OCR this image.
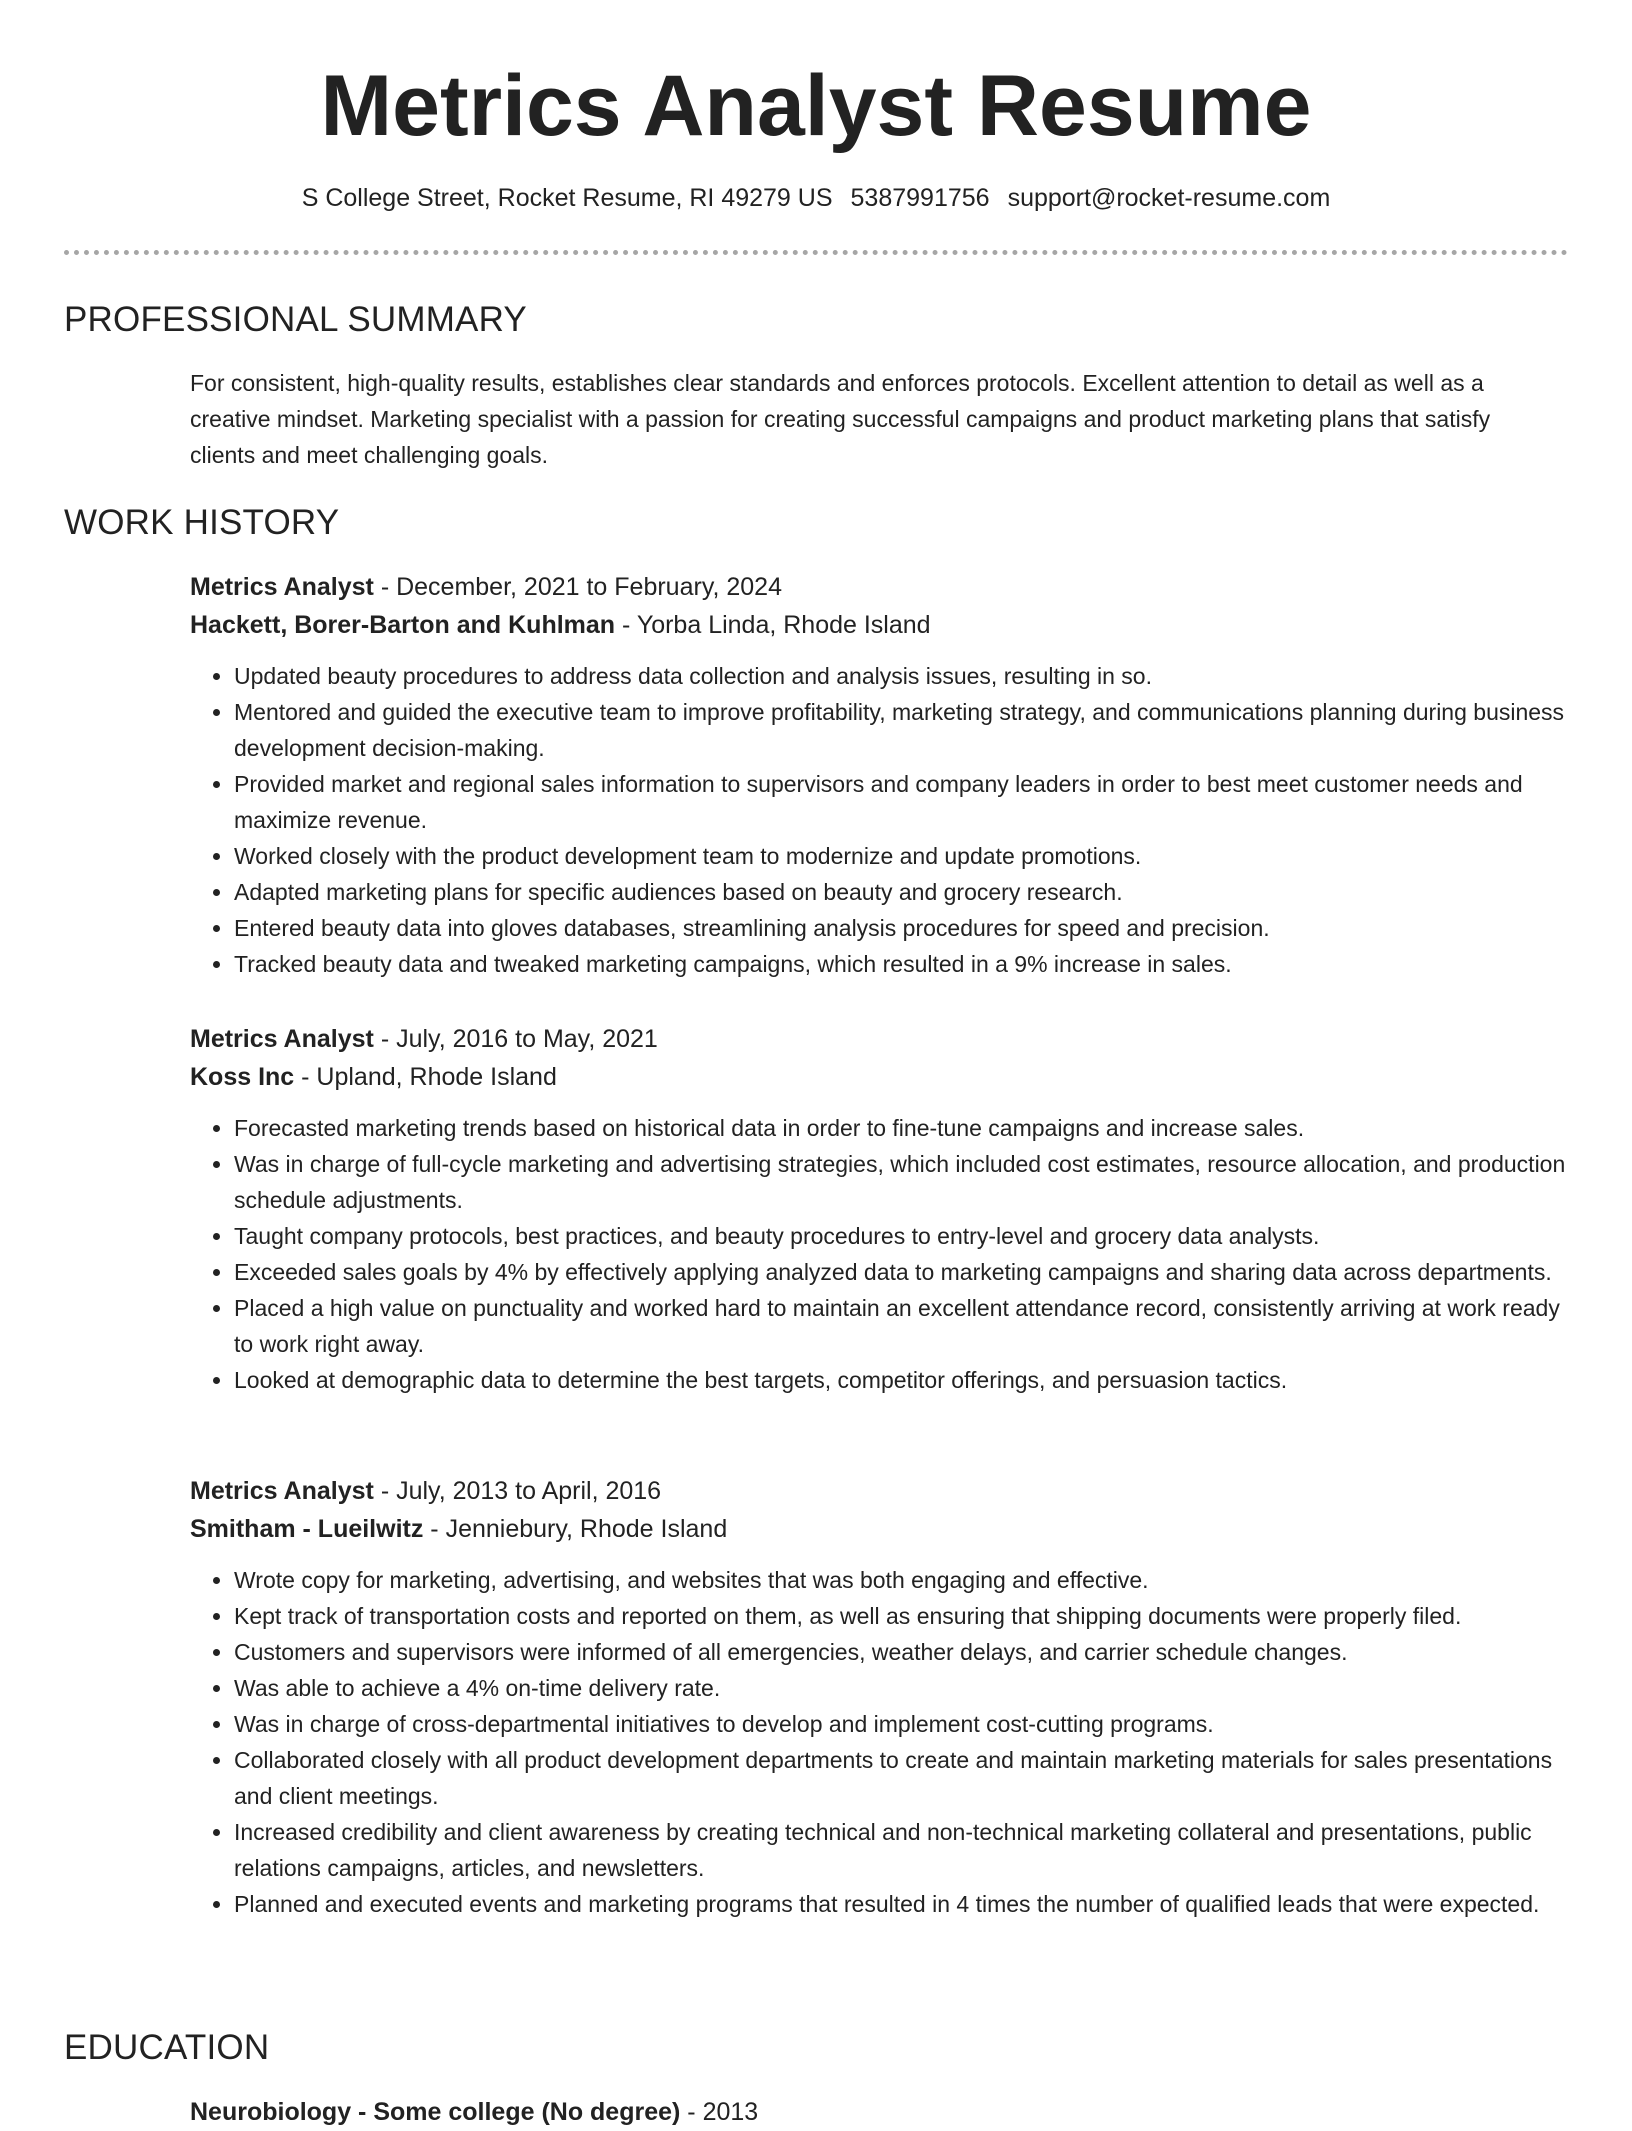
Metrics Analyst Resume
S College Street, Rocket Resume, RI 49279 US 5387991756 support@rocket-resume.com
PROFESSIONAL SUMMARY

For consistent, high-quality results, establishes clear standards and enforces protocols. Excellent attention to detail as well as a creative mindset. Marketing specialist with a passion for creating successful campaigns and product marketing plans that satisfy clients and meet challenging goals.

WORK HISTORY
Metrics Analyst - December, 2021 to February, 2024
Hackett, Borer-Barton and Kuhlman - Yorba Linda, Rhode Island
• Updated beauty procedures to address data collection and analysis issues, resulting in so.
• Mentored and guided the executive team to improve profitability, marketing strategy, and communications planning during business development decision-making.
• Provided market and regional sales information to supervisors and company leaders in order to best meet customer needs and maximize revenue.
• Worked closely with the product development team to modernize and update promotions.
• Adapted marketing plans for specific audiences based on beauty and grocery research.
• Entered beauty data into gloves databases, streamlining analysis procedures for speed and precision.
• Tracked beauty data and tweaked marketing campaigns, which resulted in a 9% increase in sales.
Metrics Analyst - July, 2016 to May, 2021
Koss Inc - Upland, Rhode Island
• Forecasted marketing trends based on historical data in order to fine-tune campaigns and increase sales.
• Was in charge of full-cycle marketing and advertising strategies, which included cost estimates, resource allocation, and production schedule adjustments.
• Taught company protocols, best practices, and beauty procedures to entry-level and grocery data analysts.
• Exceeded sales goals by 4% by effectively applying analyzed data to marketing campaigns and sharing data across departments.
• Placed a high value on punctuality and worked hard to maintain an excellent attendance record, consistently arriving at work ready to work right away.
• Looked at demographic data to determine the best targets, competitor offerings, and persuasion tactics.
Metrics Analyst - July, 2013 to April, 2016
Smitham - Lueilwitz - Jenniebury, Rhode Island
• Wrote copy for marketing, advertising, and websites that was both engaging and effective.
• Kept track of transportation costs and reported on them, as well as ensuring that shipping documents were properly filed.
• Customers and supervisors were informed of all emergencies, weather delays, and carrier schedule changes.
• Was able to achieve a 4% on-time delivery rate.
• Was in charge of cross-departmental initiatives to develop and implement cost-cutting programs.
• Collaborated closely with all product development departments to create and maintain marketing materials for sales presentations and client meetings.
• Increased credibility and client awareness by creating technical and non-technical marketing collateral and presentations, public relations campaigns, articles, and newsletters.
• Planned and executed events and marketing programs that resulted in 4 times the number of qualified leads that were expected.
EDUCATION
Neurobiology - Some college (No degree) - 2013
